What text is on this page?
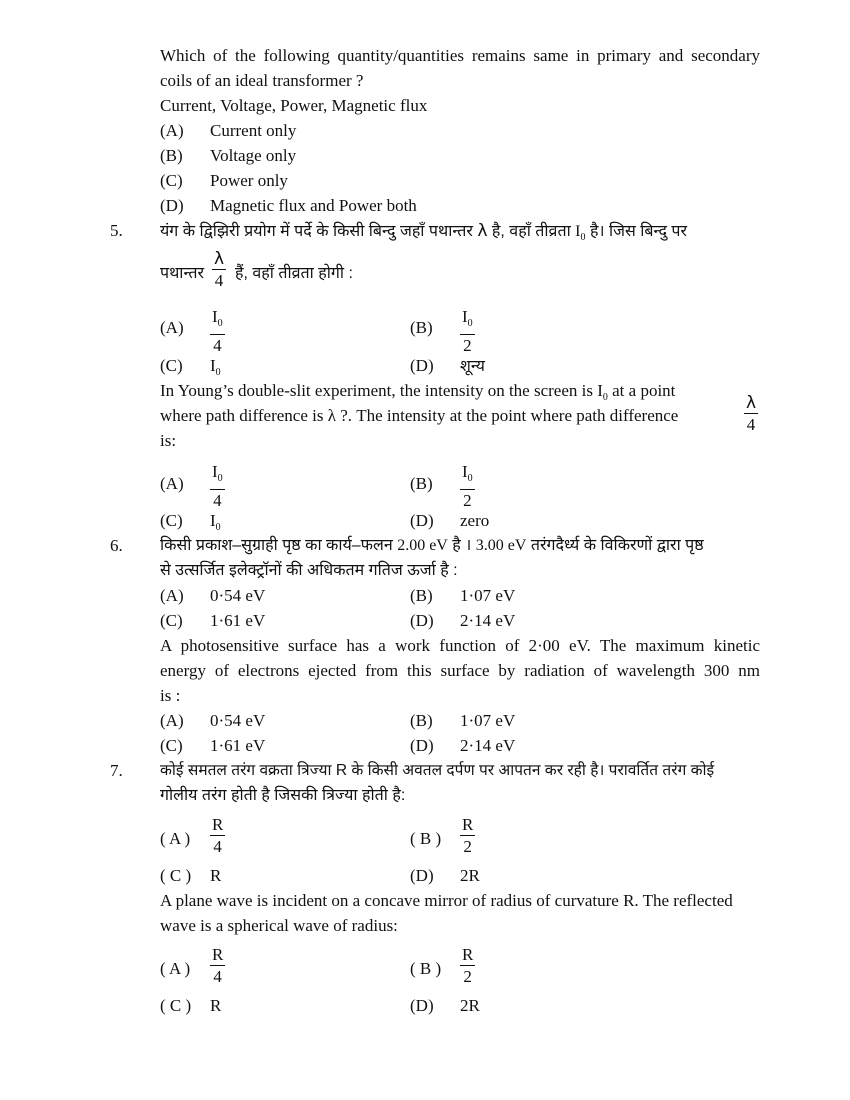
Which of the following quantity/quantities remains same in primary and secondary
coils of an ideal transformer ?
Current, Voltage, Power, Magnetic flux
(A) Current only
(B) Voltage only
(C) Power only
(D) Magnetic flux and Power both
5. यंग के द्विझिरी प्रयोग में पर्दे के किसी बिन्दु जहाँ पथान्तर λ है, वहाँ तीव्रता $I_0$ है। जिस बिन्दु पर
पथान्तर $\frac{\lambda}{4}$ हैं, वहाँ तीव्रता होगी :
$(A) \frac{I_0}{4}$	$(B) \frac{I_0}{2}$
(C) $I_0$	(D) शून्य
In Young’s double-slit experiment, the intensity on the screen is $I_0$ at a point
where path difference is λ ?. The intensity at the point where path difference	$\frac{\lambda}{4}$
is:
$(A) \frac{I_0}{4}$	$(B) \frac{I_0}{2}$
(C) $I_0$	(D) zero
6. किसी प्रकाश–सुग्राही पृष्ठ का कार्य–फलन 2.00 eV है । 3.00 eV तरंगदैर्ध्य के विकिरणों द्वारा पृष्ठ
से उत्सर्जित इलेक्ट्रॉनों की अधिकतम गतिज ऊर्जा है :
(A) 0·54 eV	(B) 1·07 eV
(C) 1·61 eV	(D) 2·14 eV
A photosensitive surface has a work function of 2·00 eV. The maximum kinetic
energy of electrons ejected from this surface by radiation of wavelength 300 nm
is :
(A) 0·54 eV	(B) 1·07 eV
(C) 1·61 eV	(D) 2·14 eV
7. कोई समतल तरंग वक्रता त्रिज्या R के किसी अवतल दर्पण पर आपतन कर रही है। परावर्तित तरंग कोई
गोलीय तरंग होती है जिसकी त्रिज्या होती है:
( A ) $\frac{R}{4}$	( B ) $\frac{R}{2}$
( C ) R	(D) 2R
A plane wave is incident on a concave mirror of radius of curvature R. The reflected
wave is a spherical wave of radius:
( A ) $\frac{R}{4}$	( B ) $\frac{R}{2}$
( C ) R	(D) 2R
